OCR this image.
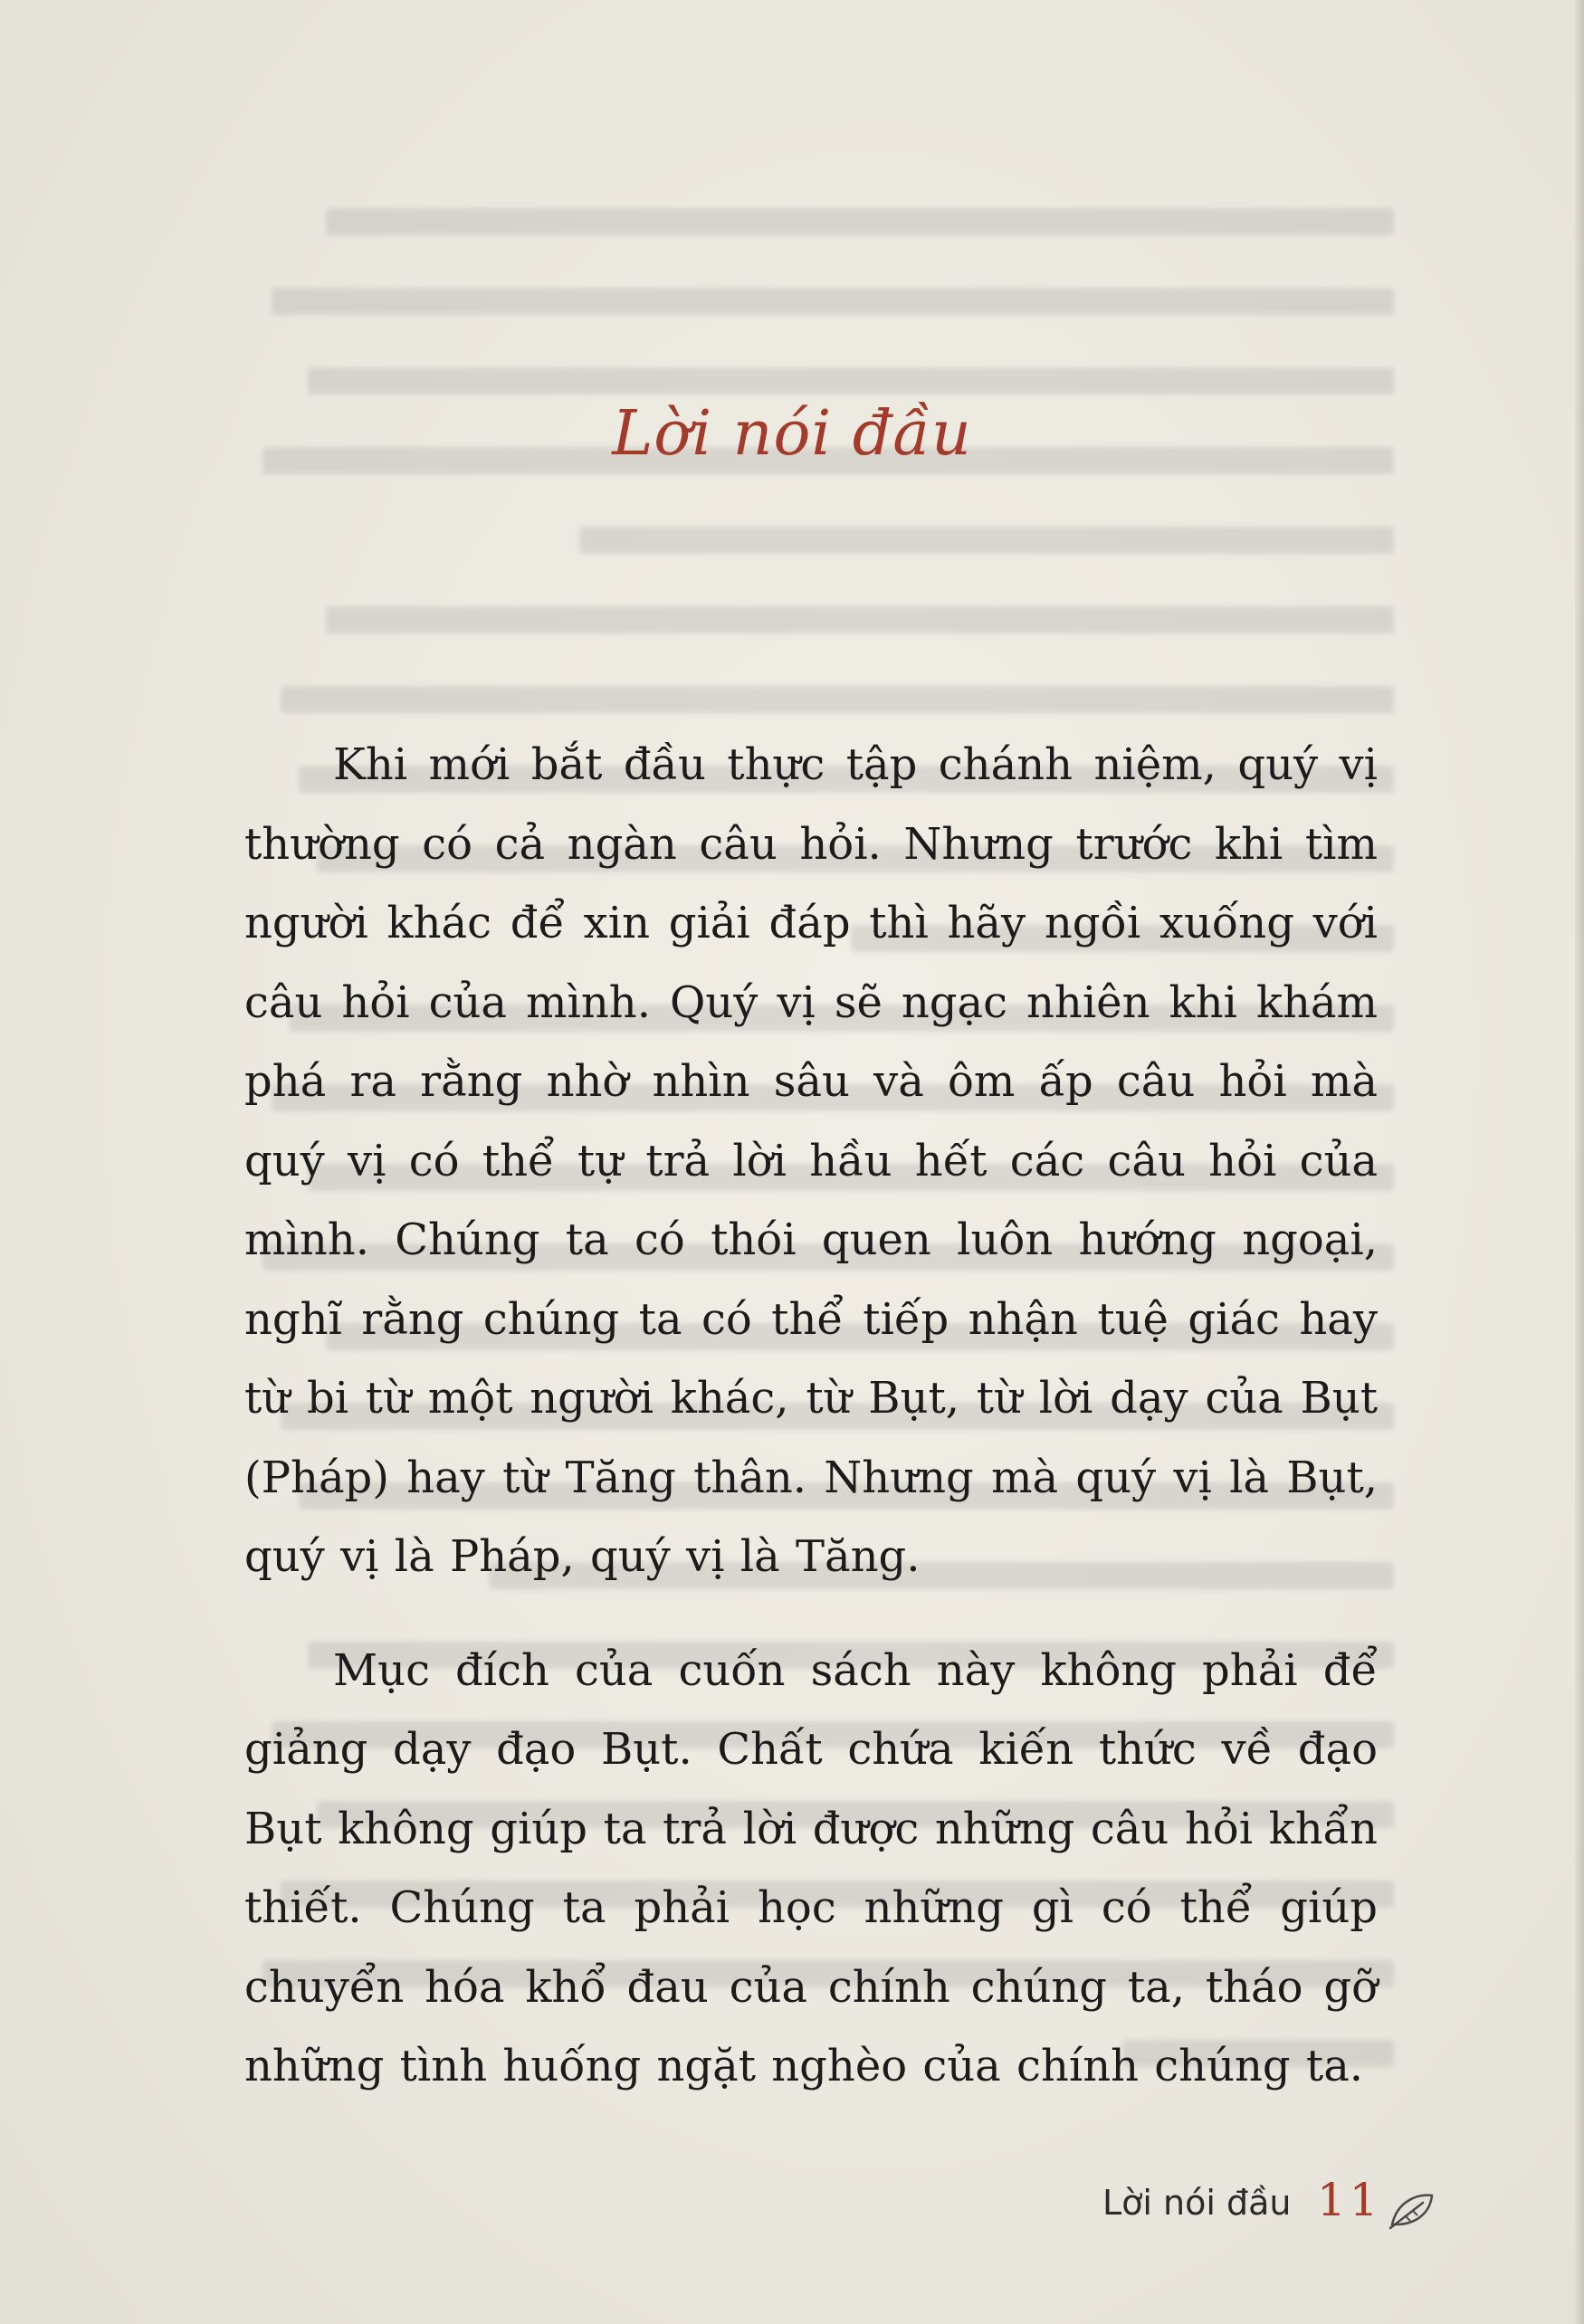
Lời nói đầu

Khi mới bắt đầu thực tập chánh niệm, quý vị thường có cả ngàn câu hỏi. Nhưng trước khi tìm người khác để xin giải đáp thì hãy ngồi xuống với câu hỏi của mình. Quý vị sẽ ngạc nhiên khi khám phá ra rằng nhờ nhìn sâu và ôm ấp câu hỏi mà quý vị có thể tự trả lời hầu hết các câu hỏi của mình. Chúng ta có thói quen luôn hướng ngoại, nghĩ rằng chúng ta có thể tiếp nhận tuệ giác hay từ bi từ một người khác, từ Bụt, từ lời dạy của Bụt (Pháp) hay từ Tăng thân. Nhưng mà quý vị là Bụt, quý vị là Pháp, quý vị là Tăng.

Mục đích của cuốn sách này không phải để giảng dạy đạo Bụt. Chất chứa kiến thức về đạo Bụt không giúp ta trả lời được những câu hỏi khẩn thiết. Chúng ta phải học những gì có thể giúp chuyển hóa khổ đau của chính chúng ta, tháo gỡ những tình huống ngặt nghèo của chính chúng ta.

Lời nói đầu 11
